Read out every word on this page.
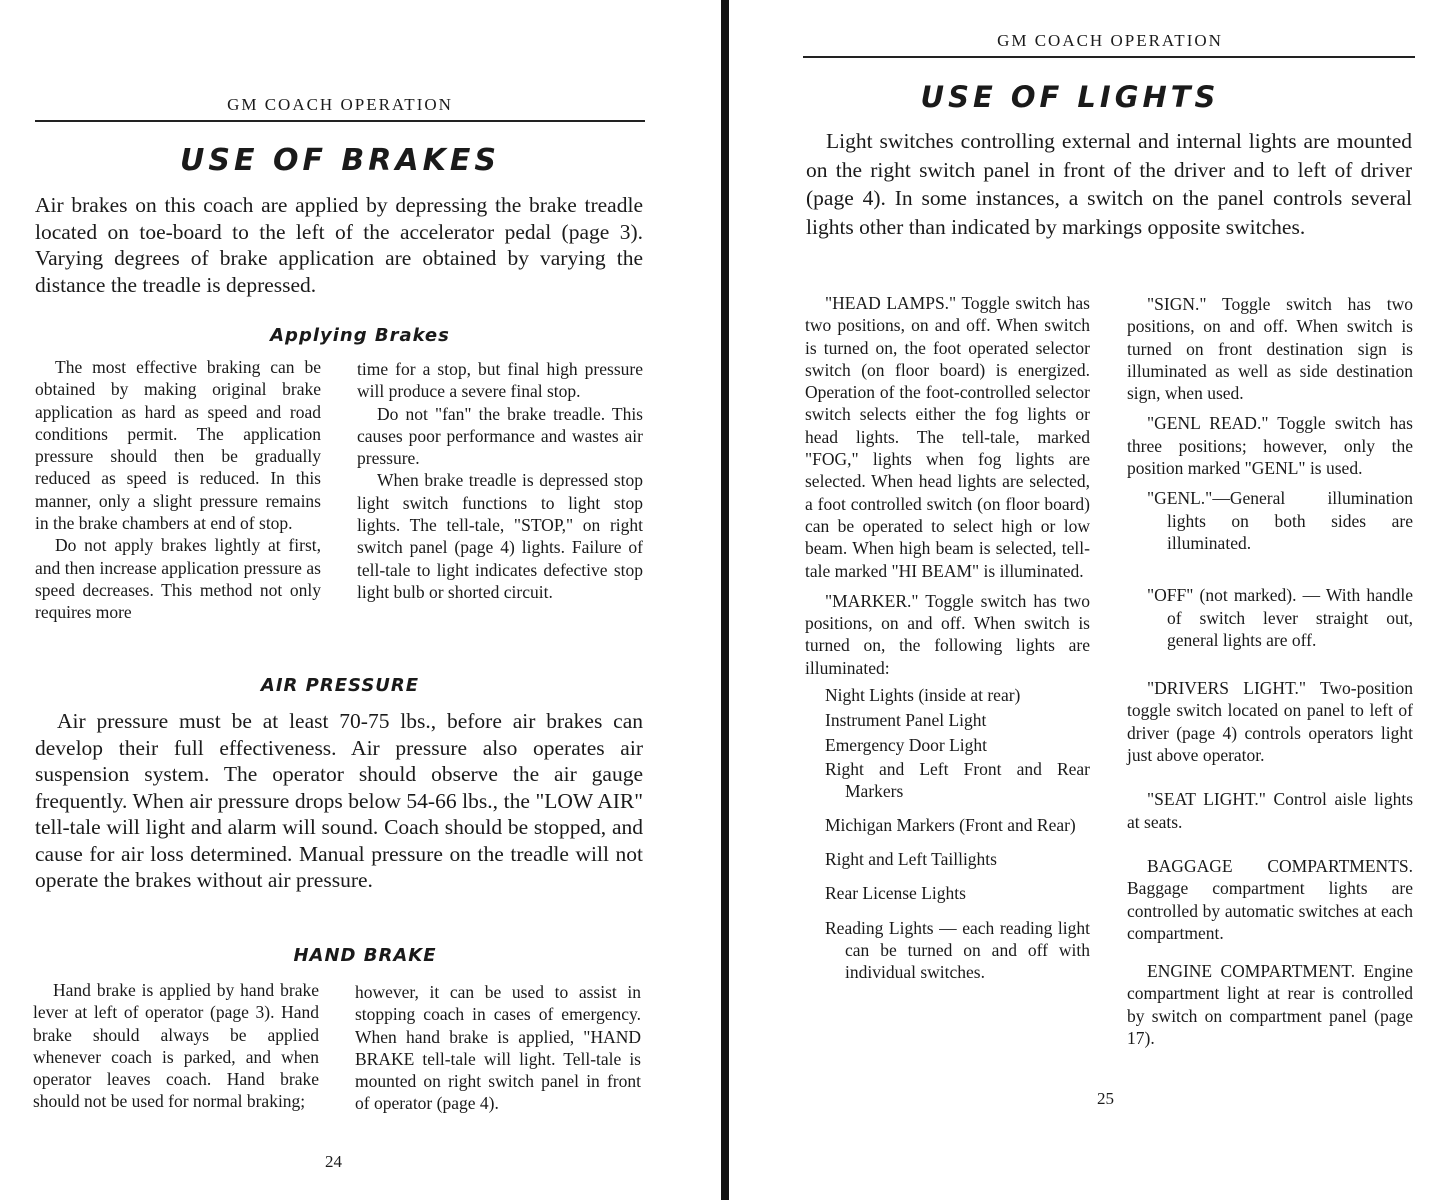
GM COACH OPERATION
USE OF BRAKES

Air brakes on this coach are applied by depressing the brake treadle located on toe-board to the left of the accelerator pedal (page 3). Varying degrees of brake application are obtained by varying the distance the treadle is depressed.

Applying Brakes

The most effective braking can be obtained by making original brake application as hard as speed and road conditions permit. The application pressure should then be gradually reduced as speed is reduced. In this manner, only a slight pressure remains in the brake chambers at end of stop.

Do not apply brakes lightly at first, and then increase application pressure as speed decreases. This method not only requires more

time for a stop, but final high pressure will produce a severe final stop.

Do not "fan" the brake treadle. This causes poor performance and wastes air pressure.

When brake treadle is depressed stop light switch functions to light stop lights. The tell-tale, "STOP," on right switch panel (page 4) lights. Failure of tell-tale to light indicates defective stop light bulb or shorted circuit.

AIR PRESSURE

Air pressure must be at least 70-75 lbs., before air brakes can develop their full effectiveness. Air pressure also operates air suspension system. The operator should observe the air gauge frequently. When air pressure drops below 54-66 lbs., the "LOW AIR" tell-tale will light and alarm will sound. Coach should be stopped, and cause for air loss determined. Manual pressure on the treadle will not operate the brakes without air pressure.

HAND BRAKE

Hand brake is applied by hand brake lever at left of operator (page 3). Hand brake should always be applied whenever coach is parked, and when operator leaves coach. Hand brake should not be used for normal braking;

however, it can be used to assist in stopping coach in cases of emergency. When hand brake is applied, "HAND BRAKE tell-tale will light. Tell-tale is mounted on right switch panel in front of operator (page 4).

24
GM COACH OPERATION
USE OF LIGHTS

Light switches controlling external and internal lights are mounted on the right switch panel in front of the driver and to left of driver (page 4). In some instances, a switch on the panel controls several lights other than indicated by markings opposite switches.

"HEAD LAMPS." Toggle switch has two positions, on and off. When switch is turned on, the foot operated selector switch (on floor board) is energized. Operation of the foot-controlled selector switch selects either the fog lights or head lights. The tell-tale, marked "FOG," lights when fog lights are selected. When head lights are selected, a foot controlled switch (on floor board) can be operated to select high or low beam. When high beam is selected, tell-tale marked "HI BEAM" is illuminated.

"MARKER." Toggle switch has two positions, on and off. When switch is turned on, the following lights are illuminated:

Night Lights (inside at rear)

Instrument Panel Light

Emergency Door Light

Right and Left Front and Rear Markers

Michigan Markers (Front and Rear)

Right and Left Taillights

Rear License Lights

Reading Lights — each reading light can be turned on and off with individual switches.

"SIGN." Toggle switch has two positions, on and off. When switch is turned on front destination sign is illuminated as well as side destination sign, when used.

"GENL READ." Toggle switch has three positions; however, only the position marked "GENL" is used.

"GENL."—General illumination lights on both sides are illuminated.

"OFF" (not marked). — With handle of switch lever straight out, general lights are off.

"DRIVERS LIGHT." Two-position toggle switch located on panel to left of driver (page 4) controls operators light just above operator.

"SEAT LIGHT." Control aisle lights at seats.

BAGGAGE COMPARTMENTS. Baggage compartment lights are controlled by automatic switches at each compartment.

ENGINE COMPARTMENT. Engine compartment light at rear is controlled by switch on compartment panel (page 17).

25
